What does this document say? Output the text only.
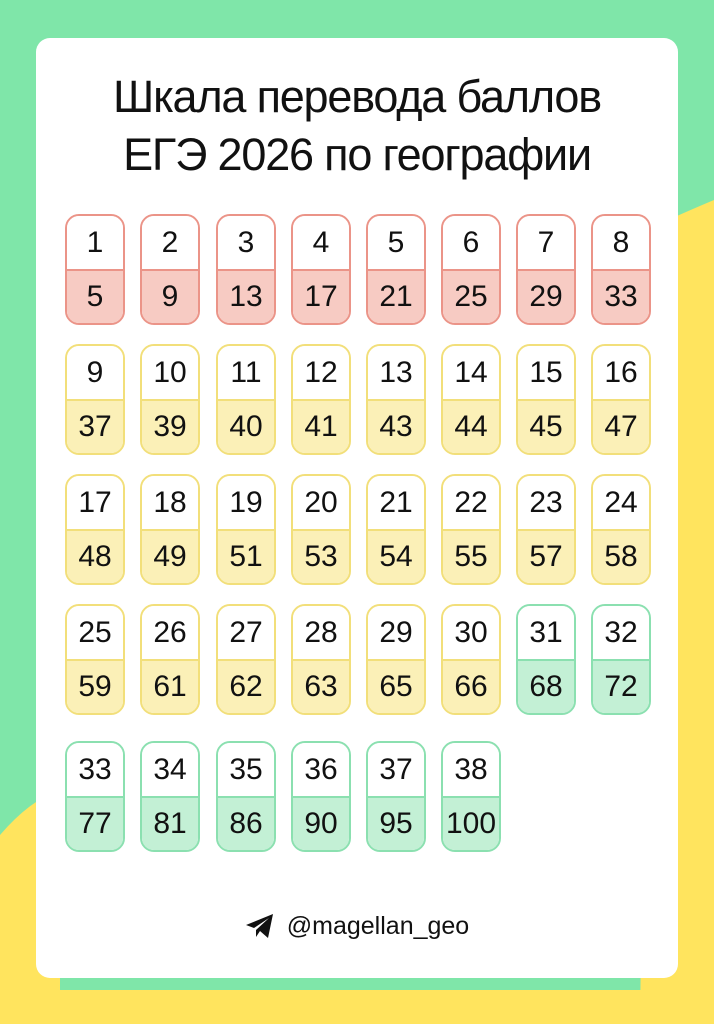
Шкала перевода баллов
ЕГЭ 2026 по географии
1
5
2
9
3
13
4
17
5
21
6
25
7
29
8
33
9
37
10
39
11
40
12
41
13
43
14
44
15
45
16
47
17
48
18
49
19
51
20
53
21
54
22
55
23
57
24
58
25
59
26
61
27
62
28
63
29
65
30
66
31
68
32
72
33
77
34
81
35
86
36
90
37
95
38
100
@magellan_geo
